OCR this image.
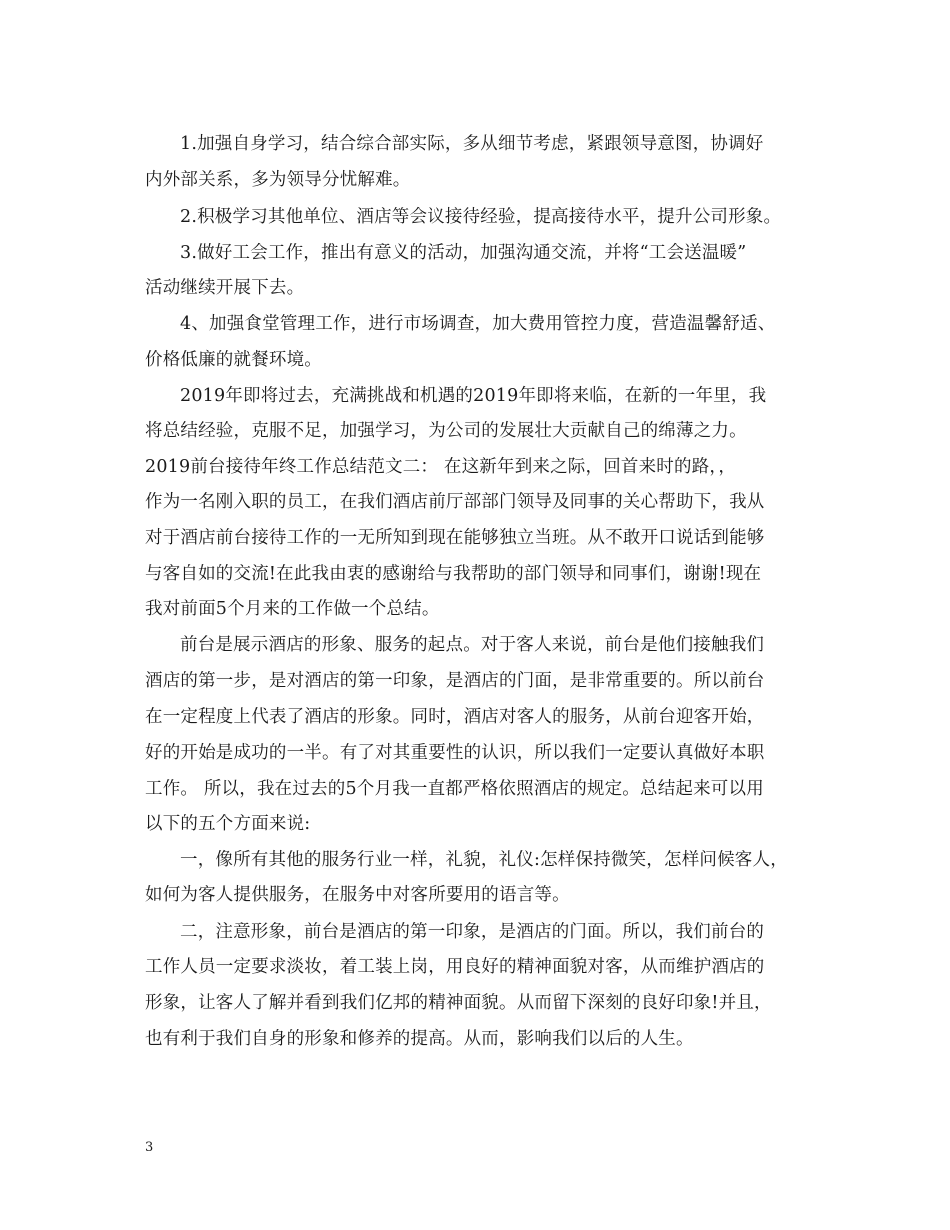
1.加强自身学习，结合综合部实际，多从细节考虑，紧跟领导意图，协调好
内外部关系，多为领导分忧解难。
2.积极学习其他单位、酒店等会议接待经验，提高接待水平，提升公司形象。
3.做好工会工作，推出有意义的活动，加强沟通交流，并将“工会送温暖”
活动继续开展下去。
4、加强食堂管理工作，进行市场调查，加大费用管控力度，营造温馨舒适、
价格低廉的就餐环境。
2019年即将过去，充满挑战和机遇的2019年即将来临，在新的一年里，我
将总结经验，克服不足，加强学习，为公司的发展壮大贡献自己的绵薄之力。
2019前台接待年终工作总结范文二： 在这新年到来之际，回首来时的路，，
作为一名刚入职的员工，在我们酒店前厅部部门领导及同事的关心帮助下，我从
对于酒店前台接待工作的一无所知到现在能够独立当班。从不敢开口说话到能够
与客自如的交流!在此我由衷的感谢给与我帮助的部门领导和同事们，谢谢!现在
我对前面5个月来的工作做一个总结。
前台是展示酒店的形象、服务的起点。对于客人来说，前台是他们接触我们
酒店的第一步，是对酒店的第一印象，是酒店的门面，是非常重要的。所以前台
在一定程度上代表了酒店的形象。同时，酒店对客人的服务，从前台迎客开始，
好的开始是成功的一半。有了对其重要性的认识，所以我们一定要认真做好本职
工作。 所以，我在过去的5个月我一直都严格依照酒店的规定。总结起来可以用
以下的五个方面来说:
一，像所有其他的服务行业一样，礼貌，礼仪:怎样保持微笑，怎样问候客人，
如何为客人提供服务，在服务中对客所要用的语言等。
二，注意形象，前台是酒店的第一印象，是酒店的门面。所以，我们前台的
工作人员一定要求淡妆，着工装上岗，用良好的精神面貌对客，从而维护酒店的
形象，让客人了解并看到我们亿邦的精神面貌。从而留下深刻的良好印象!并且，
也有利于我们自身的形象和修养的提高。从而，影响我们以后的人生。
3
